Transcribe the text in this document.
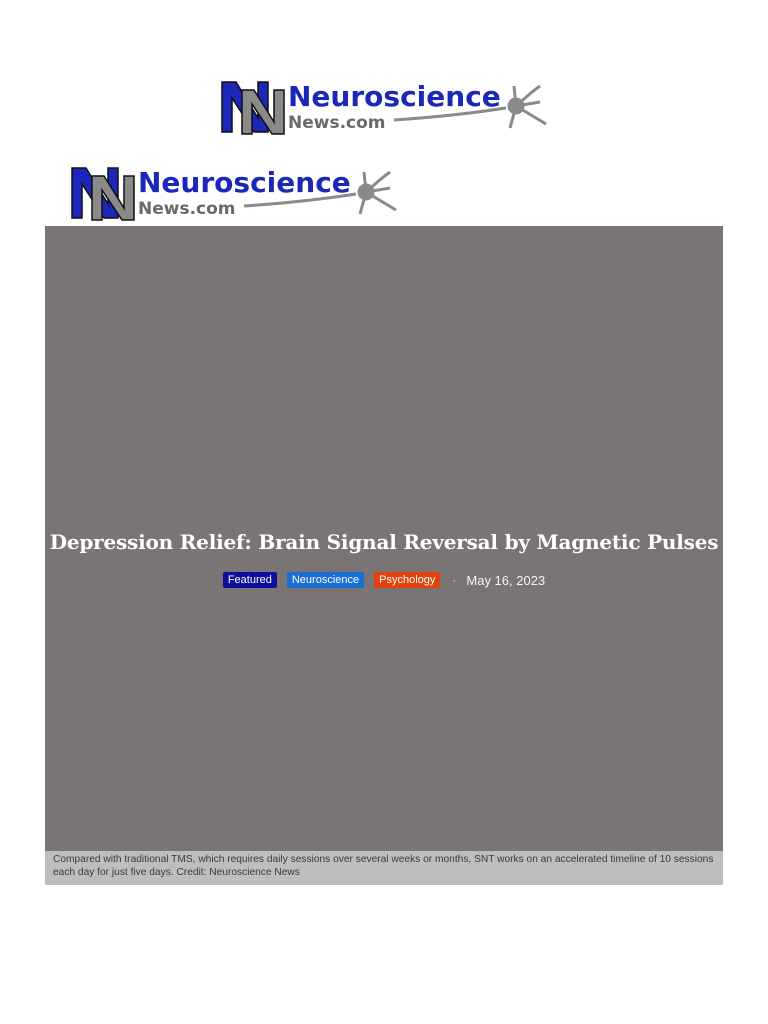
Neuroscience
News.com
Neuroscience
News.com
Depression Relief: Brain Signal Reversal by Magnetic Pulses
Featured	Neuroscience	Psychology	· May 16, 2023
Compared with traditional TMS, which requires daily sessions over several weeks or months, SNT works on an accelerated timeline of 10 sessions each day for just five days. Credit: Neuroscience News
